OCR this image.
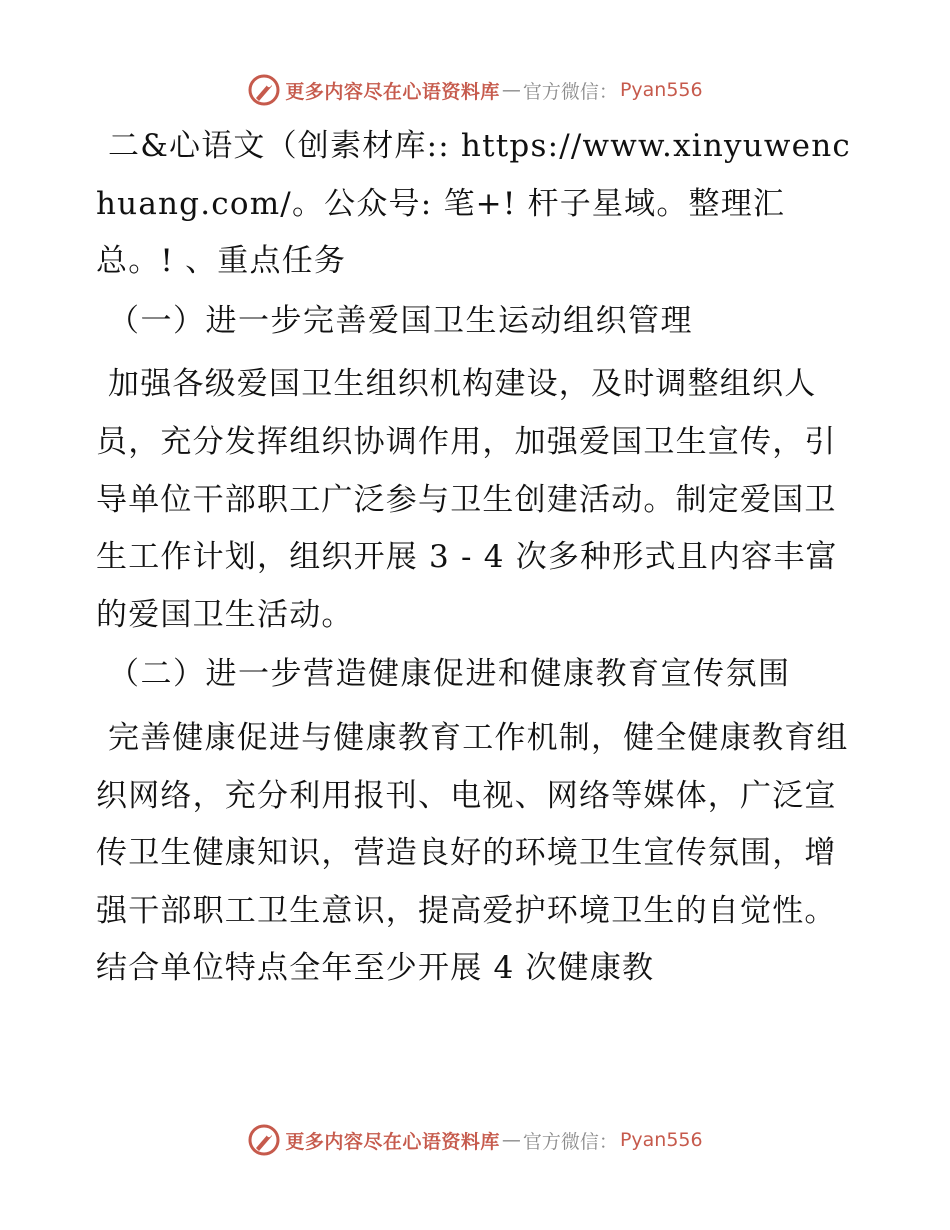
更多内容尽在心语资料库 — 官方微信： Pyan556

二&心语文（创素材库:: https://www.xinyuwenchuang.com/。公众号: 笔+! 杆子星域。整理汇总。! 、重点任务

（一）进一步完善爱国卫生运动组织管理

加强各级爱国卫生组织机构建设，及时调整组织人员，充分发挥组织协调作用，加强爱国卫生宣传，引导单位干部职工广泛参与卫生创建活动。制定爱国卫生工作计划，组织开展 3 - 4 次多种形式且内容丰富的爱国卫生活动。

（二）进一步营造健康促进和健康教育宣传氛围

完善健康促进与健康教育工作机制，健全健康教育组织网络，充分利用报刊、电视、网络等媒体，广泛宣传卫生健康知识，营造良好的环境卫生宣传氛围，增强干部职工卫生意识，提高爱护环境卫生的自觉性。结合单位特点全年至少开展 4 次健康教

更多内容尽在心语资料库 — 官方微信： Pyan556
